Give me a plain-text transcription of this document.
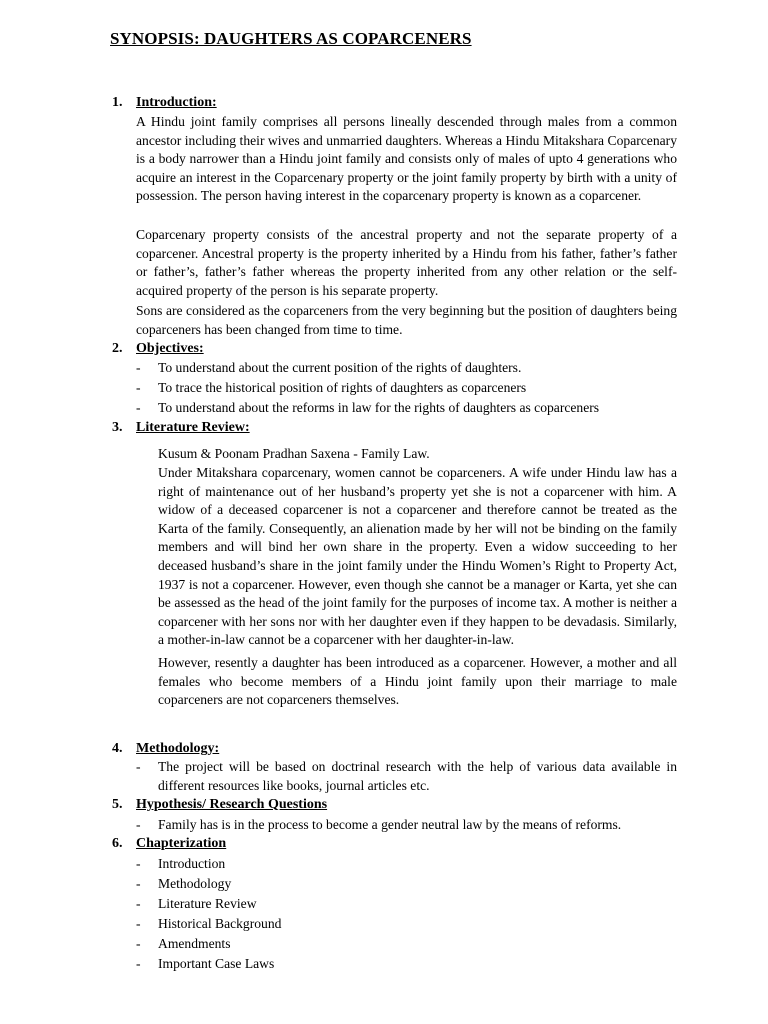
SYNOPSIS: DAUGHTERS AS COPARCENERS
1. Introduction:
A Hindu joint family comprises all persons lineally descended through males from a common ancestor including their wives and unmarried daughters. Whereas a Hindu Mitakshara Coparcenary is a body narrower than a Hindu joint family and consists only of males of upto 4 generations who acquire an interest in the Coparcenary property or the joint family property by birth with a unity of possession. The person having interest in the coparcenary property is known as a coparcener.
Coparcenary property consists of the ancestral property and not the separate property of a coparcener. Ancestral property is the property inherited by a Hindu from his father, father’s father or father’s, father’s father whereas the property inherited from any other relation or the self-acquired property of the person is his separate property.
Sons are considered as the coparceners from the very beginning but the position of daughters being coparceners has been changed from time to time.
2. Objectives:
- To understand about the current position of the rights of daughters.
- To trace the historical position of rights of daughters as coparceners
- To understand about the reforms in law for the rights of daughters as coparceners
3. Literature Review:
Kusum & Poonam Pradhan Saxena - Family Law.
Under Mitakshara coparcenary, women cannot be coparceners. A wife under Hindu law has a right of maintenance out of her husband’s property yet she is not a coparcener with him. A widow of a deceased coparcener is not a coparcener and therefore cannot be treated as the Karta of the family. Consequently, an alienation made by her will not be binding on the family members and will bind her own share in the property. Even a widow succeeding to her deceased husband’s share in the joint family under the Hindu Women’s Right to Property Act, 1937 is not a coparcener. However, even though she cannot be a manager or Karta, yet she can be assessed as the head of the joint family for the purposes of income tax. A mother is neither a coparcener with her sons nor with her daughter even if they happen to be devadasis. Similarly, a mother-in-law cannot be a coparcener with her daughter-in-law.
However, resently a daughter has been introduced as a coparcener. However, a mother and all females who become members of a Hindu joint family upon their marriage to male coparceners are not coparceners themselves.
4. Methodology:
-	The project will be based on doctrinal research with the help of various data available in different resources like books, journal articles etc.
5. Hypothesis/ Research Questions
- Family has is in the process to become a gender neutral law by the means of reforms.
6. Chapterization
- Introduction
- Methodology
- Literature Review
- Historical Background
- Amendments
- Important Case Laws
